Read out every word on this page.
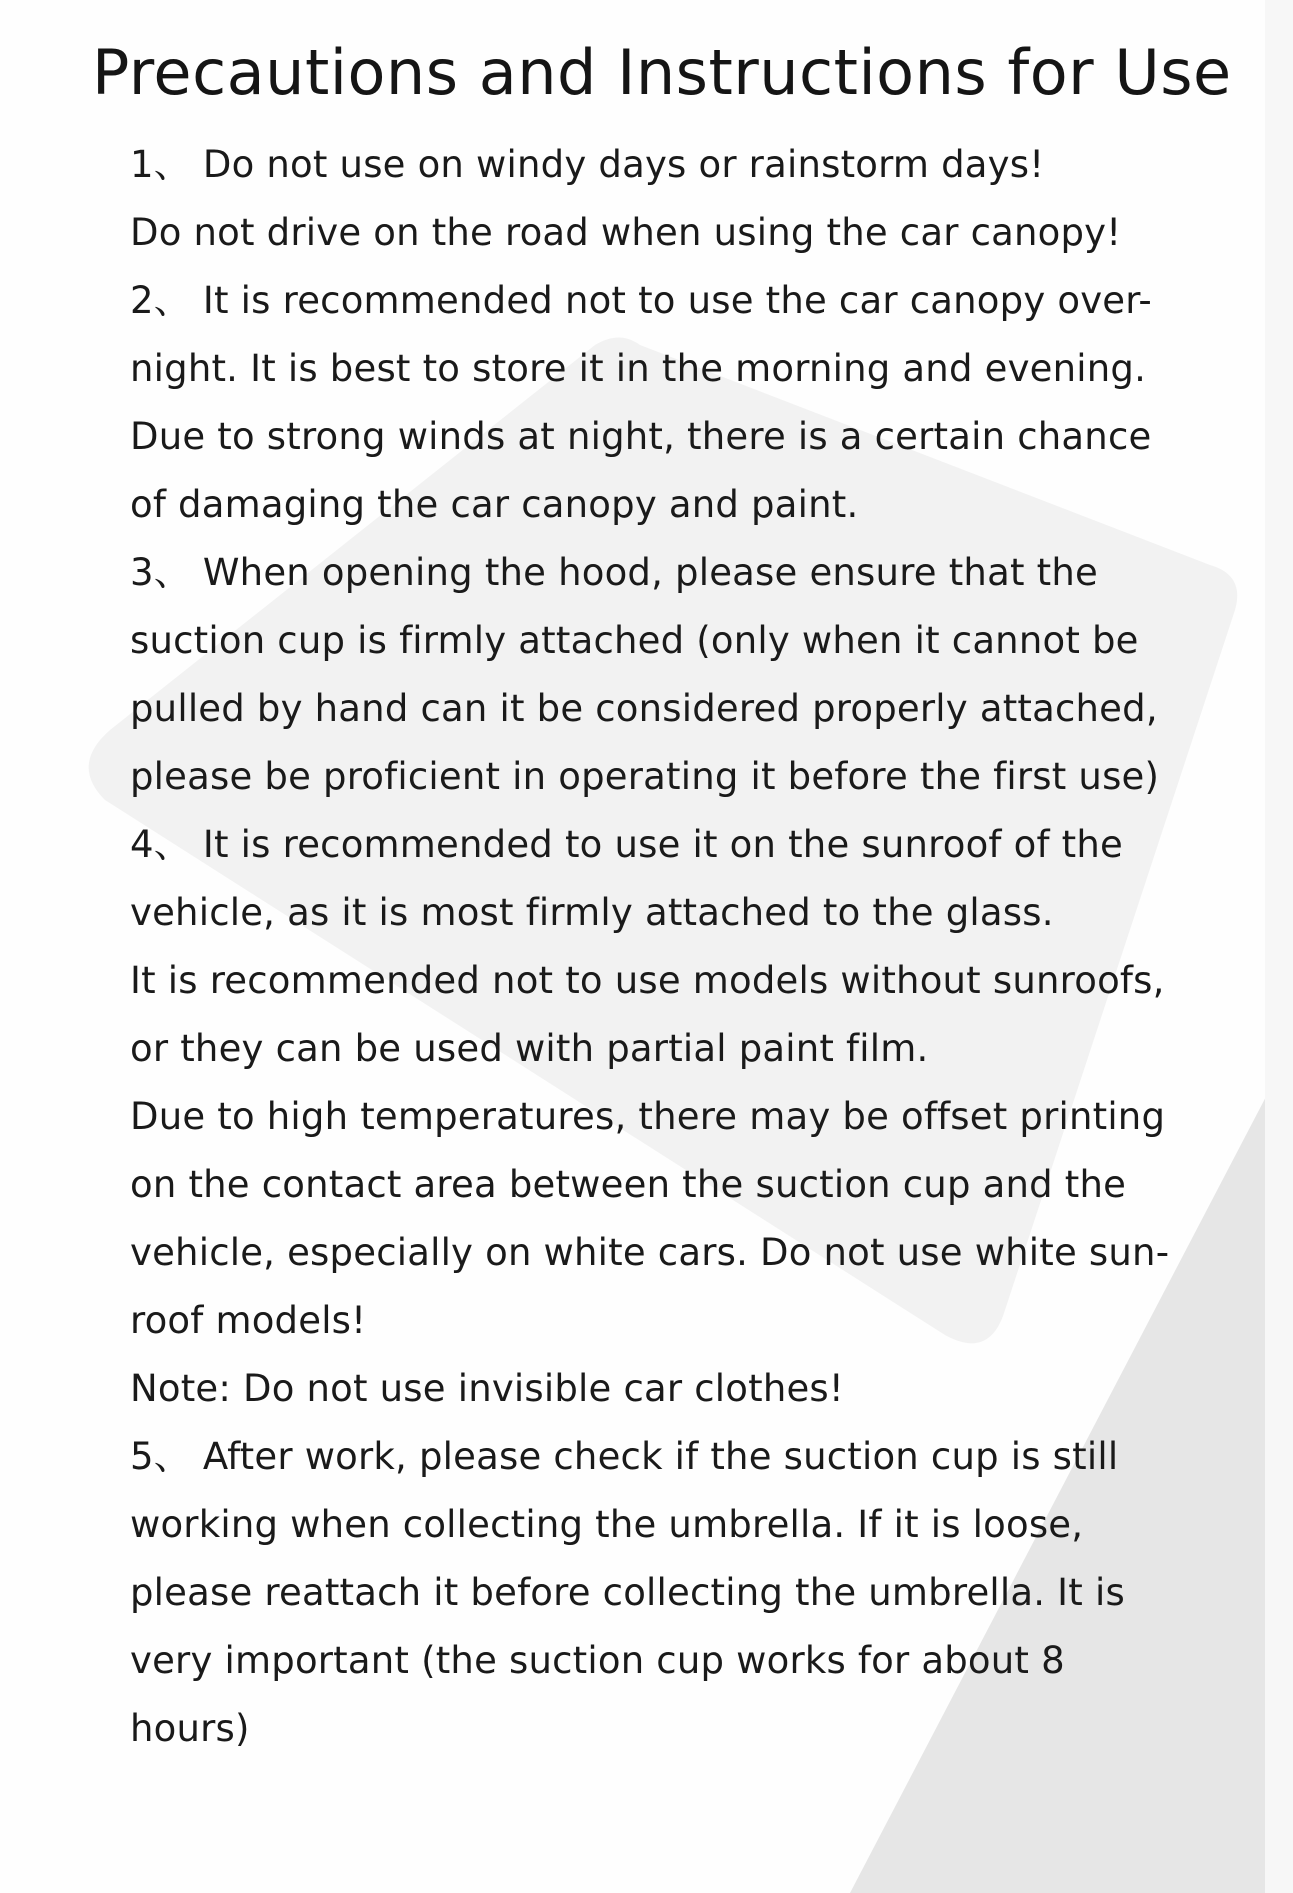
Precautions and Instructions for Use
1、 Do not use on windy days or rainstorm days!
Do not drive on the road when using the car canopy!
2、 It is recommended not to use the car canopy over-
night. It is best to store it in the morning and evening.
Due to strong winds at night, there is a certain chance
of damaging the car canopy and paint.
3、 When opening the hood, please ensure that the
suction cup is firmly attached (only when it cannot be
pulled by hand can it be considered properly attached,
please be proficient in operating it before the first use)
4、 It is recommended to use it on the sunroof of the
vehicle, as it is most firmly attached to the glass.
It is recommended not to use models without sunroofs,
or they can be used with partial paint film.
Due to high temperatures, there may be offset printing
on the contact area between the suction cup and the
vehicle, especially on white cars. Do not use white sun-
roof models!
Note: Do not use invisible car clothes!
5、 After work, please check if the suction cup is still
working when collecting the umbrella. If it is loose,
please reattach it before collecting the umbrella. It is
very important (the suction cup works for about 8
hours)
